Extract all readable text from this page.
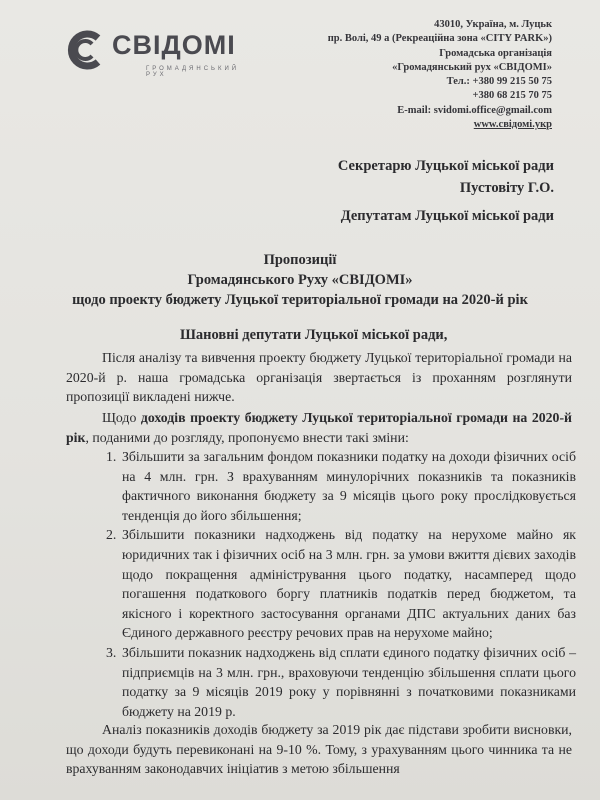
СВІДОМІ
ГРОМАДЯНСЬКИЙ РУХ
43010, Україна, м. Луцьк
пр. Волі, 49 а (Рекреаційна зона «CITY PARK»)
Громадська організація
«Громадянський рух «СВІДОМІ»
Тел.: +380 99 215 50 75
+380 68 215 70 75
E-mail: svidomi.office@gmail.com
www.свідомі.укр
Секретарю Луцької міської ради
Пустовіту Г.О.
Депутатам Луцької міської ради
Пропозиції
Громадянського Руху «СВІДОМІ»
щодо проекту бюджету Луцької територіальної громади на 2020-й рік
Шановні депутати Луцької міської ради,
Після аналізу та вивчення проекту бюджету Луцької територіальної громади на 2020-й р. наша громадська організація звертається із проханням розглянути пропозиції викладені нижче.
Щодо доходів проекту бюджету Луцької територіальної громади на 2020-й рік, поданими до розгляду, пропонуємо внести такі зміни:
1. Збільшити за загальним фондом показники податку на доходи фізичних осіб на 4 млн. грн. З врахуванням минулорічних показників та показників фактичного виконання бюджету за 9 місяців цього року прослідковується тенденція до його збільшення;
2. Збільшити показники надходжень від податку на нерухоме майно як юридичних так і фізичних осіб на 3 млн. грн. за умови вжиття дієвих заходів щодо покращення адміністрування цього податку, насамперед щодо погашення податкового боргу платників податків перед бюджетом, та якісного і коректного застосування органами ДПС актуальних даних баз Єдиного державного реєстру речових прав на нерухоме майно;
3. Збільшити показник надходжень від сплати єдиного податку фізичних осіб – підприємців на 3 млн. грн., враховуючи тенденцію збільшення сплати цього податку за 9 місяців 2019 року у порівнянні з початковими показниками бюджету на 2019 р.
Аналіз показників доходів бюджету за 2019 рік дає підстави зробити висновки, що доходи будуть перевиконані на 9-10 %. Тому, з урахуванням цього чинника та не врахуванням законодавчих ініціатив з метою збільшення
